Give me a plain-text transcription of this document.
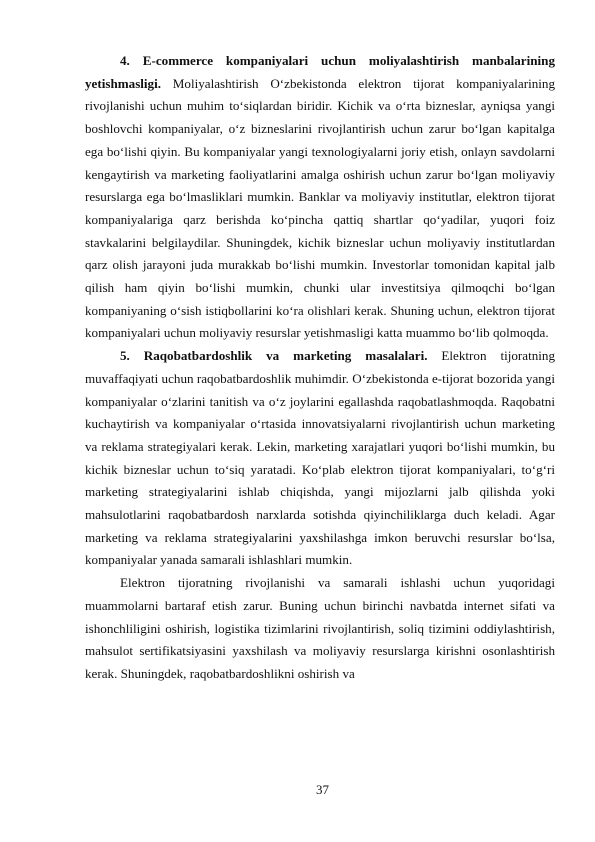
4. E-commerce kompaniyalari uchun moliyalashtirish manbalarining yetishmasligi. Moliyalashtirish O‘zbekistonda elektron tijorat kompaniyalarining rivojlanishi uchun muhim to‘siqlardan biridir. Kichik va o‘rta bizneslar, ayniqsa yangi boshlovchi kompaniyalar, o‘z bizneslarini rivojlantirish uchun zarur bo‘lgan kapitalga ega bo‘lishi qiyin. Bu kompaniyalar yangi texnologiyalarni joriy etish, onlayn savdolarni kengaytirish va marketing faoliyatlarini amalga oshirish uchun zarur bo‘lgan moliyaviy resurslarga ega bo‘lmasliklari mumkin. Banklar va moliyaviy institutlar, elektron tijorat kompaniyalariga qarz berishda ko‘pincha qattiq shartlar qo‘yadilar, yuqori foiz stavkalarini belgilaydilar. Shuningdek, kichik bizneslar uchun moliyaviy institutlardan qarz olish jarayoni juda murakkab bo‘lishi mumkin. Investorlar tomonidan kapital jalb qilish ham qiyin bo‘lishi mumkin, chunki ular investitsiya qilmoqchi bo‘lgan kompaniyaning o‘sish istiqbollarini ko‘ra olishlari kerak. Shuning uchun, elektron tijorat kompaniyalari uchun moliyaviy resurslar yetishmasligi katta muammo bo‘lib qolmoqda.

5. Raqobatbardoshlik va marketing masalalari. Elektron tijoratning muvaffaqiyati uchun raqobatbardoshlik muhimdir. O‘zbekistonda e-tijorat bozorida yangi kompaniyalar o‘zlarini tanitish va o‘z joylarini egallashda raqobatlashmoqda. Raqobatni kuchaytirish va kompaniyalar o‘rtasida innovatsiyalarni rivojlantirish uchun marketing va reklama strategiyalari kerak. Lekin, marketing xarajatlari yuqori bo‘lishi mumkin, bu kichik bizneslar uchun to‘siq yaratadi. Ko‘plab elektron tijorat kompaniyalari, to‘g‘ri marketing strategiyalarini ishlab chiqishda, yangi mijozlarni jalb qilishda yoki mahsulotlarini raqobatbardosh narxlarda sotishda qiyinchiliklarga duch keladi. Agar marketing va reklama strategiyalarini yaxshilashga imkon beruvchi resurslar bo‘lsa, kompaniyalar yanada samarali ishlashlari mumkin.

Elektron tijoratning rivojlanishi va samarali ishlashi uchun yuqoridagi muammolarni bartaraf etish zarur. Buning uchun birinchi navbatda internet sifati va ishonchliligini oshirish, logistika tizimlarini rivojlantirish, soliq tizimini oddiylashtirish, mahsulot sertifikatsiyasini yaxshilash va moliyaviy resurslarga kirishni osonlashtirish kerak. Shuningdek, raqobatbardoshlikni oshirish va

37
